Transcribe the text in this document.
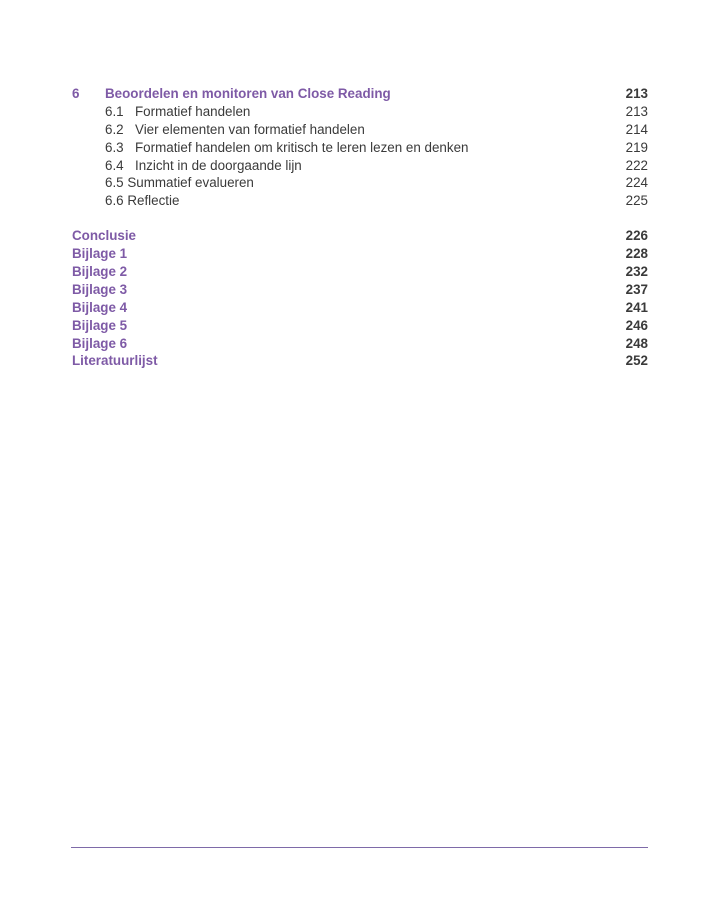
6 Beoordelen en monitoren van Close Reading	213
6.1 Formatief handelen	213
6.2 Vier elementen van formatief handelen	214
6.3 Formatief handelen om kritisch te leren lezen en denken	219
6.4 Inzicht in de doorgaande lijn	222
6.5 Summatief evalueren	224
6.6 Reflectie	225
Conclusie	226
Bijlage 1	228
Bijlage 2	232
Bijlage 3	237
Bijlage 4	241
Bijlage 5	246
Bijlage 6	248
Literatuurlijst	252
